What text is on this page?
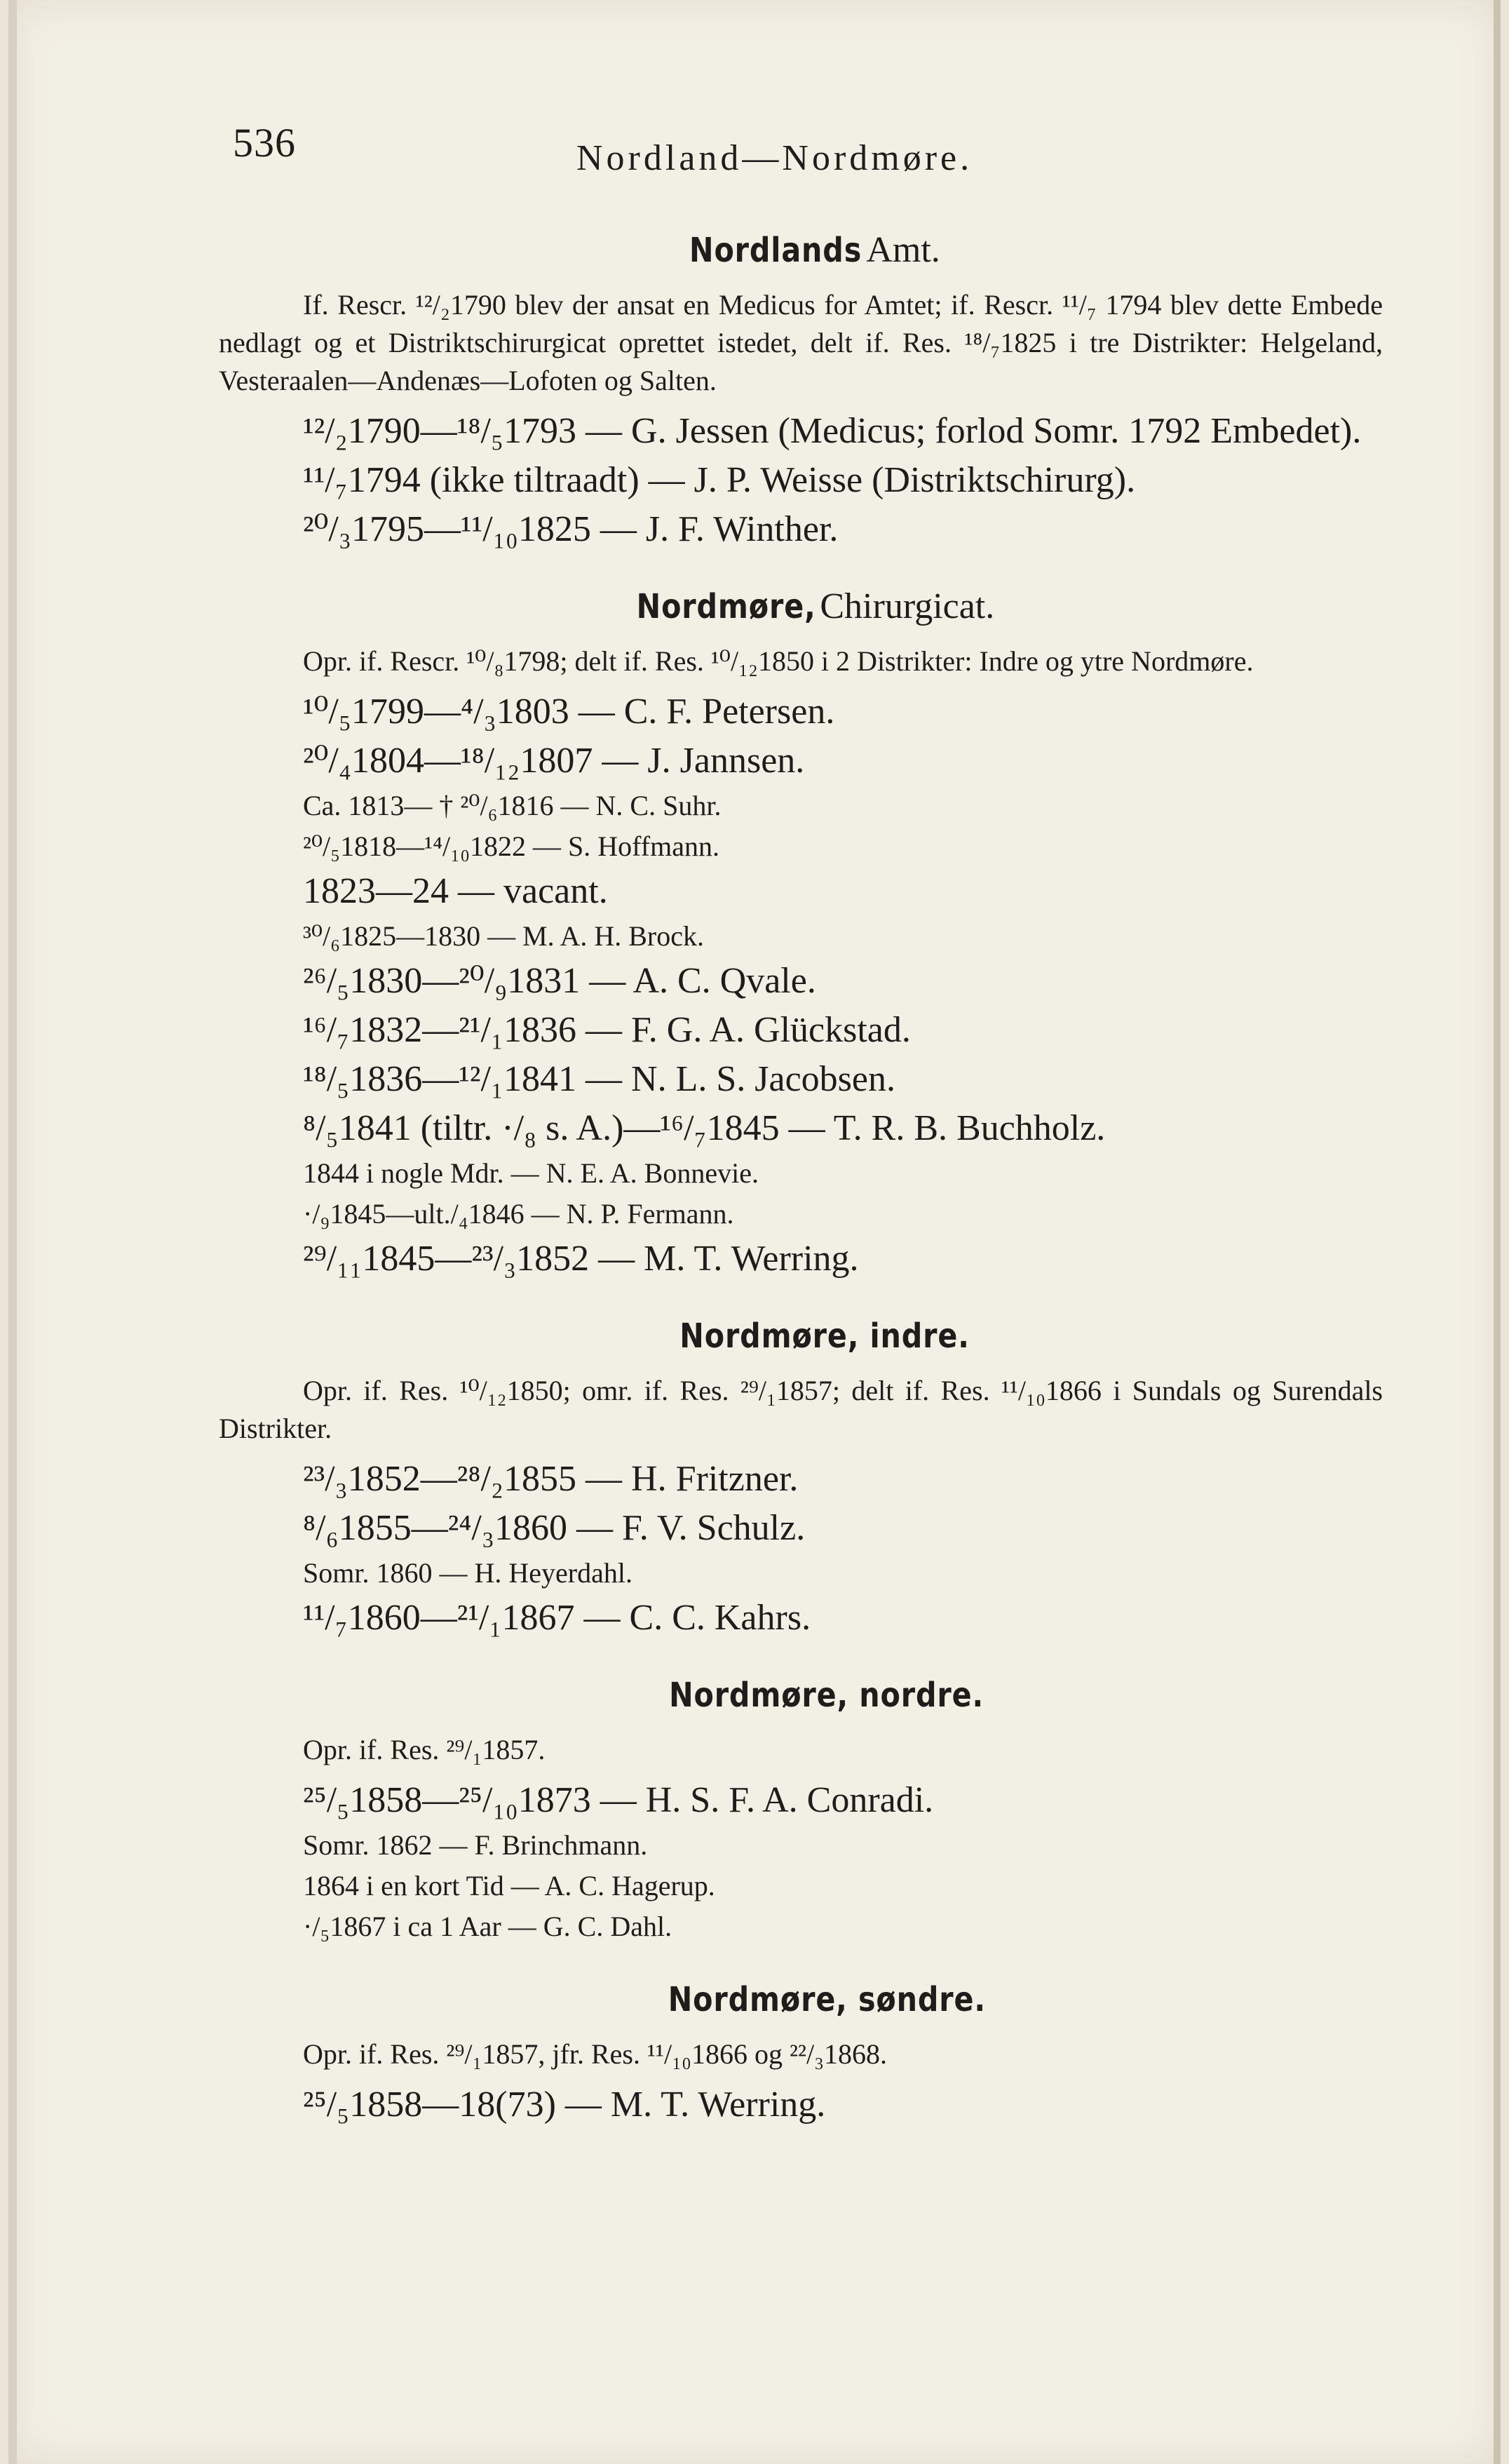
536	Nordland—Nordmøre.
Nordlands Amt.

If. Rescr. ¹²/₂1790 blev der ansat en Medicus for Amtet; if. Rescr. ¹¹/₇ 1794 blev dette Embede nedlagt og et Distriktschirurgicat oprettet istedet, delt if. Res. ¹⁸/₇1825 i tre Distrikter: Helgeland, Vesteraalen—Andenæs—Lofoten og Salten.

¹²/₂1790—¹⁸/₅1793 — G. Jessen (Medicus; forlod Somr. 1792 Embedet).
¹¹/₇1794 (ikke tiltraadt) — J. P. Weisse (Distriktschirurg).
²⁰/₃1795—¹¹/₁₀1825 — J. F. Winther.
Nordmøre, Chirurgicat.

Opr. if. Rescr. ¹⁰/₈1798; delt if. Res. ¹⁰/₁₂1850 i 2 Distrikter: Indre og ytre Nordmøre.

¹⁰/₅1799—⁴/₃1803 — C. F. Petersen.
²⁰/₄1804—¹⁸/₁₂1807 — J. Jannsen.
Ca. 1813— † ²⁰/₆1816 — N. C. Suhr.
²⁰/₅1818—¹⁴/₁₀1822 — S. Hoffmann.
1823—24 — vacant.
³⁰/₆1825—1830 — M. A. H. Brock.
²⁶/₅1830—²⁰/₉1831 — A. C. Qvale.
¹⁶/₇1832—²¹/₁1836 — F. G. A. Glückstad.
¹⁸/₅1836—¹²/₁1841 — N. L. S. Jacobsen.
⁸/₅1841 (tiltr. ·/₈ s. A.)—¹⁶/₇1845 — T. R. B. Buchholz.
1844 i nogle Mdr. — N. E. A. Bonnevie.
·/₉1845—ult./₄1846 — N. P. Fermann.
²⁹/₁₁1845—²³/₃1852 — M. T. Werring.
Nordmøre, indre.

Opr. if. Res. ¹⁰/₁₂1850; omr. if. Res. ²⁹/₁1857; delt if. Res. ¹¹/₁₀1866 i Sundals og Surendals Distrikter.

²³/₃1852—²⁸/₂1855 — H. Fritzner.
⁸/₆1855—²⁴/₃1860 — F. V. Schulz.
Somr. 1860 — H. Heyerdahl.
¹¹/₇1860—²¹/₁1867 — C. C. Kahrs.
Nordmøre, nordre.

Opr. if. Res. ²⁹/₁1857.

²⁵/₅1858—²⁵/₁₀1873 — H. S. F. A. Conradi.
Somr. 1862 — F. Brinchmann.
1864 i en kort Tid — A. C. Hagerup.
·/₅1867 i ca 1 Aar — G. C. Dahl.
Nordmøre, søndre.

Opr. if. Res. ²⁹/₁1857, jfr. Res. ¹¹/₁₀1866 og ²²/₃1868.

²⁵/₅1858—18(73) — M. T. Werring.
